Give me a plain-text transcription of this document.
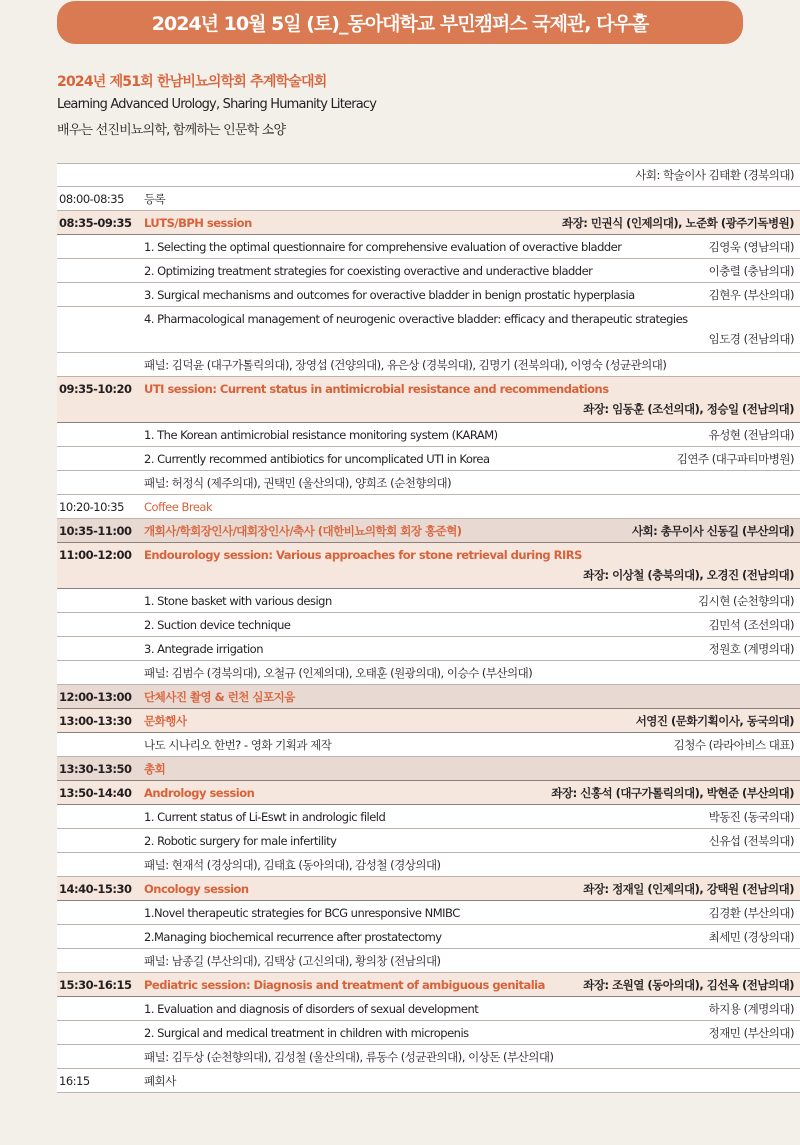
2024년 10월 5일 (토)_동아대학교 부민캠퍼스 국제관, 다우홀
2024년 제51회 한남비뇨의학회 추계학술대회
Learning Advanced Urology, Sharing Humanity Literacy
배우는 선진비뇨의학, 함께하는 인문학 소양
사회: 학술이사 김태환 (경북의대)
08:00-08:35	등록
08:35-09:35	LUTS/BPH session	좌장: 민권식 (인제의대), 노준화 (광주기독병원)
1. Selecting the optimal questionnaire for comprehensive evaluation of overactive bladder	김영욱 (영남의대)
2. Optimizing treatment strategies for coexisting overactive and underactive bladder	이충렬 (충남의대)
3. Surgical mechanisms and outcomes for overactive bladder in benign prostatic hyperplasia	김현우 (부산의대)
4. Pharmacological management of neurogenic overactive bladder: efficacy and therapeutic strategies
임도경 (전남의대)
패널: 김덕윤 (대구가톨릭의대), 장영섭 (건양의대), 유은상 (경북의대), 김명기 (전북의대), 이영숙 (성균관의대)
09:35-10:20	UTI session: Current status in antimicrobial resistance and recommendations
좌장: 임동훈 (조선의대), 정승일 (전남의대)
1. The Korean antimicrobial resistance monitoring system (KARAM)	유성현 (전남의대)
2. Currently recommed antibiotics for uncomplicated UTI in Korea	김연주 (대구파티마병원)
패널: 허정식 (제주의대), 권택민 (울산의대), 양희조 (순천향의대)
10:20-10:35	Coffee Break
10:35-11:00	개회사/학회장인사/대회장인사/축사 (대한비뇨의학회 회장 홍준혁)	사회: 총무이사 신동길 (부산의대)
11:00-12:00	Endourology session: Various approaches for stone retrieval during RIRS
좌장: 이상철 (충북의대), 오경진 (전남의대)
1. Stone basket with various design	김시현 (순천향의대)
2. Suction device technique	김민석 (조선의대)
3. Antegrade irrigation	정원호 (계명의대)
패널: 김범수 (경북의대), 오철규 (인제의대), 오태훈 (원광의대), 이승수 (부산의대)
12:00-13:00	단체사진 촬영 & 런천 심포지움
13:00-13:30	문화행사	서영진 (문화기획이사, 동국의대)
나도 시나리오 한번? - 영화 기획과 제작	김청수 (라라아비스 대표)
13:30-13:50	총회
13:50-14:40	Andrology session	좌장: 신홍석 (대구가톨릭의대), 박현준 (부산의대)
1. Current status of Li-Eswt in andrologic fileld	박동진 (동국의대)
2. Robotic surgery for male infertility	신유섭 (전북의대)
패널: 현재석 (경상의대), 김태효 (동아의대), 감성철 (경상의대)
14:40-15:30	Oncology session	좌장: 정재일 (인제의대), 강택원 (전남의대)
1.Novel therapeutic strategies for BCG unresponsive NMIBC	김경환 (부산의대)
2.Managing biochemical recurrence after prostatectomy	최세민 (경상의대)
패널: 남종길 (부산의대), 김택상 (고신의대), 황의창 (전남의대)
15:30-16:15	Pediatric session: Diagnosis and treatment of ambiguous genitalia	좌장: 조원열 (동아의대), 김선옥 (전남의대)
1. Evaluation and diagnosis of disorders of sexual development	하지용 (계명의대)
2. Surgical and medical treatment in children with micropenis	정재민 (부산의대)
패널: 김두상 (순천향의대), 김성철 (울산의대), 류동수 (성균관의대), 이상돈 (부산의대)
16:15	폐회사
